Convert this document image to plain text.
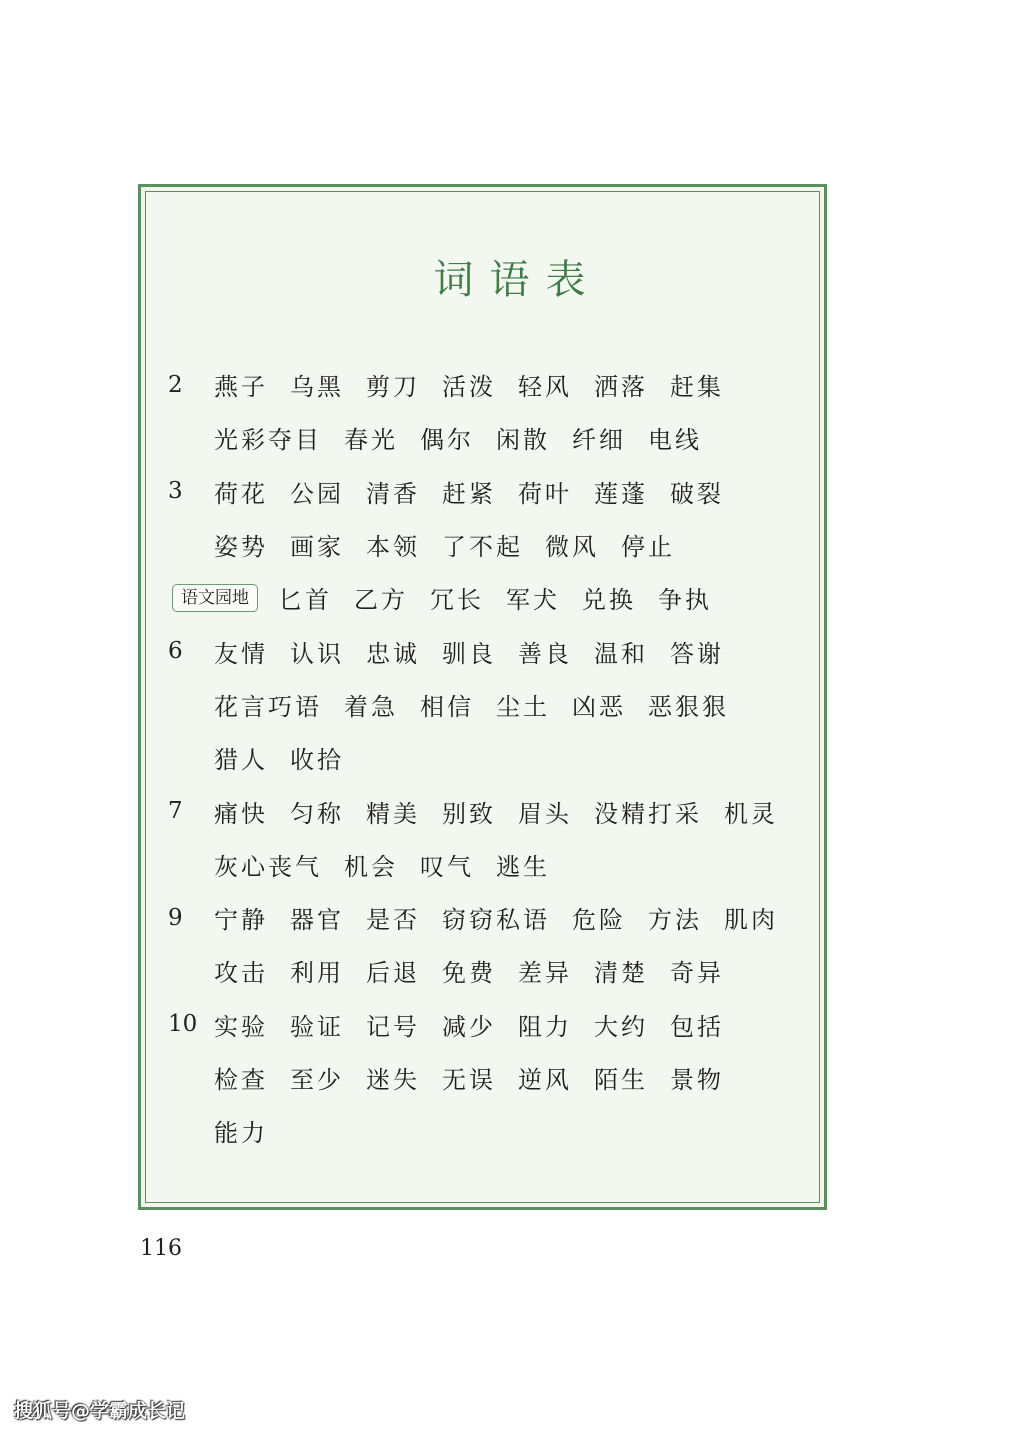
词语表
2	燕子 乌黑 剪刀 活泼 轻风 洒落 赶集
光彩夺目 春光 偶尔 闲散 纤细 电线
3	荷花 公园 清香 赶紧 荷叶 莲蓬 破裂
姿势 画家 本领 了不起 微风 停止
语文园地	匕首 乙方 冗长 军犬 兑换 争执
6	友情 认识 忠诚 驯良 善良 温和 答谢
花言巧语 着急 相信 尘土 凶恶 恶狠狠
猎人 收拾
7	痛快 匀称 精美 别致 眉头 没精打采 机灵
灰心丧气 机会 叹气 逃生
9	宁静 器官 是否 窃窃私语 危险 方法 肌肉
攻击 利用 后退 免费 差异 清楚 奇异
10 实验 验证 记号 减少 阻力 大约 包括
检查 至少 迷失 无误 逆风 陌生 景物
能力
116
搜狐号@学霸成长记
